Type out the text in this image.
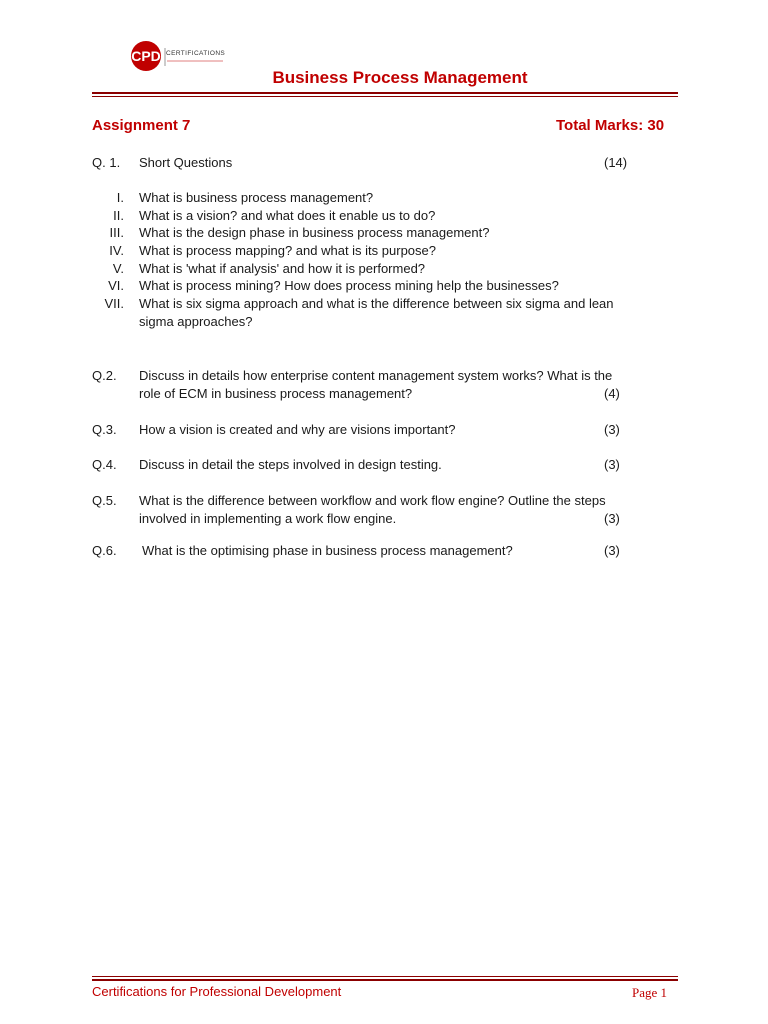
CPD CERTIFICATIONS
Business Process Management
Assignment 7	Total Marks: 30
Q. 1. Short Questions	(14)
I. What is business process management?
II. What is a vision? and what does it enable us to do?
III. What is the design phase in business process management?
IV. What is process mapping? and what is its purpose?
V. What is 'what if analysis' and how it is performed?
VI. What is process mining? How does process mining help the businesses?
VII. What is six sigma approach and what is the difference between six sigma and lean
sigma approaches?
Q.2. Discuss in details how enterprise content management system works? What is the
role of ECM in business process management?	(4)
Q.3. How a vision is created and why are visions important?	(3)
Q.4. Discuss in detail the steps involved in design testing.	(3)
Q.5. What is the difference between workflow and work flow engine? Outline the steps
involved in implementing a work flow engine.	(3)
Q.6. What is the optimising phase in business process management?	(3)
Certifications for Professional Development	Page 1
